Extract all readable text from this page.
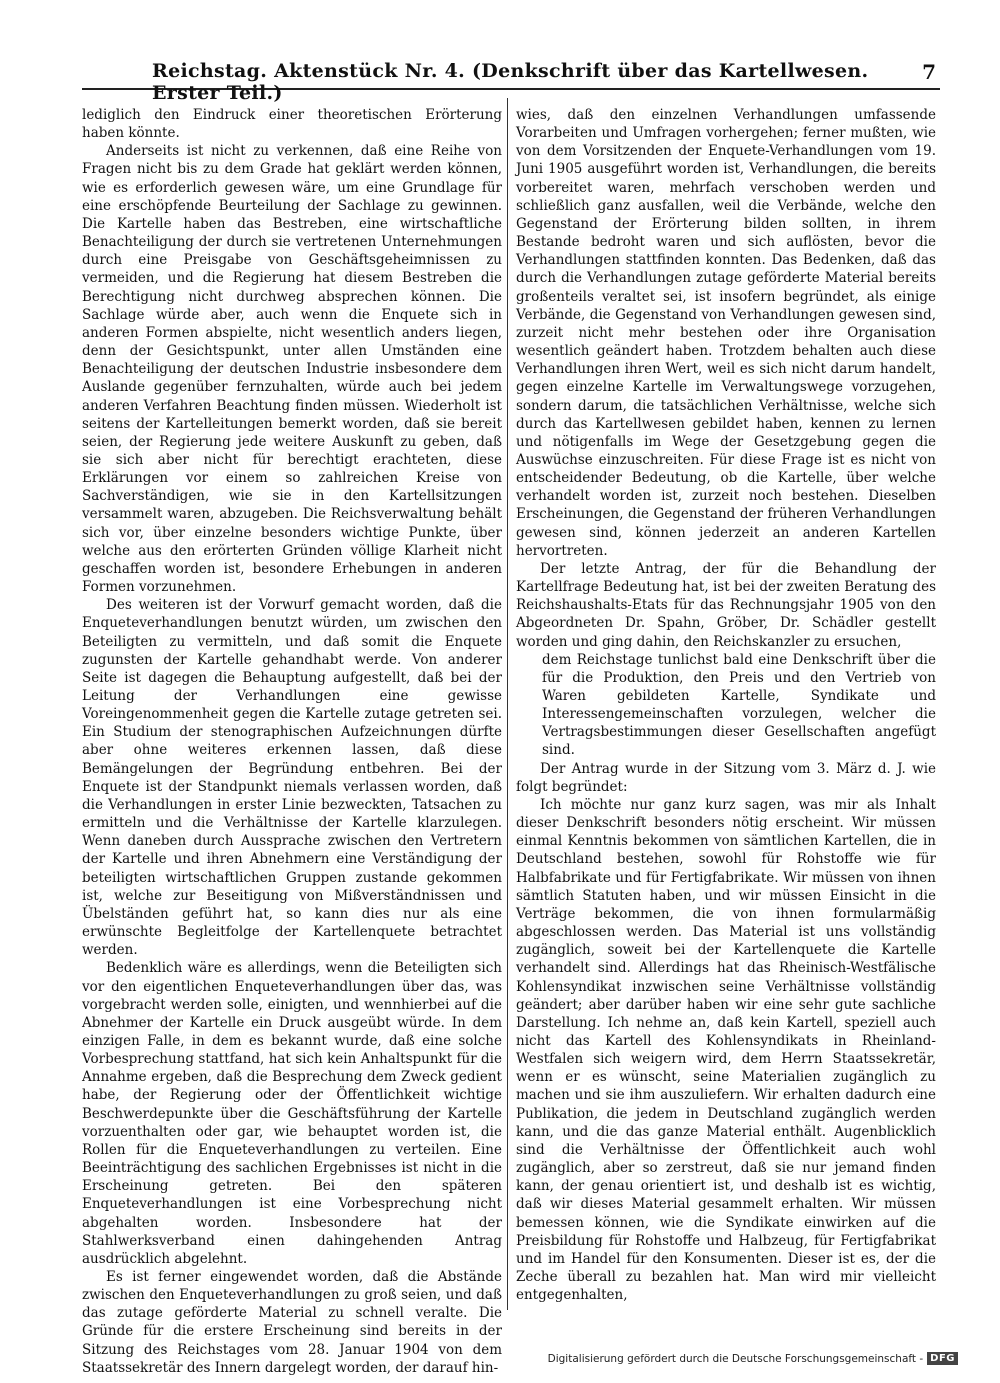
Reichstag. Aktenstück Nr. 4. (Denkschrift über das Kartellwesen. Erster Teil.)
7

lediglich den Eindruck einer theoretischen Erörterung haben könnte.

Anderseits ist nicht zu verkennen, daß eine Reihe von Fragen nicht bis zu dem Grade hat geklärt werden können, wie es erforderlich gewesen wäre, um eine Grundlage für eine erschöpfende Beurteilung der Sachlage zu gewinnen. Die Kartelle haben das Bestreben, eine wirtschaftliche Benachteiligung der durch sie vertretenen Unternehmungen durch eine Preisgabe von Geschäftsgeheimnissen zu vermeiden, und die Regierung hat diesem Bestreben die Berechtigung nicht durchweg absprechen können. Die Sachlage würde aber, auch wenn die Enquete sich in anderen Formen abspielte, nicht wesentlich anders liegen, denn der Gesichtspunkt, unter allen Umständen eine Benachteiligung der deutschen Industrie insbesondere dem Auslande gegenüber fernzuhalten, würde auch bei jedem anderen Verfahren Beachtung finden müssen. Wiederholt ist seitens der Kartelleitungen bemerkt worden, daß sie bereit seien, der Regierung jede weitere Auskunft zu geben, daß sie sich aber nicht für berechtigt erachteten, diese Erklärungen vor einem so zahlreichen Kreise von Sachverständigen, wie sie in den Kartellsitzungen versammelt waren, abzugeben. Die Reichsverwaltung behält sich vor, über einzelne besonders wichtige Punkte, über welche aus den erörterten Gründen völlige Klarheit nicht geschaffen worden ist, besondere Erhebungen in anderen Formen vorzunehmen.

Des weiteren ist der Vorwurf gemacht worden, daß die Enqueteverhandlungen benutzt würden, um zwischen den Beteiligten zu vermitteln, und daß somit die Enquete zugunsten der Kartelle gehandhabt werde. Von anderer Seite ist dagegen die Behauptung aufgestellt, daß bei der Leitung der Verhandlungen eine gewisse Voreingenommenheit gegen die Kartelle zutage getreten sei. Ein Studium der stenographischen Aufzeichnungen dürfte aber ohne weiteres erkennen lassen, daß diese Bemängelungen der Begründung entbehren. Bei der Enquete ist der Standpunkt niemals verlassen worden, daß die Verhandlungen in erster Linie bezweckten, Tatsachen zu ermitteln und die Verhältnisse der Kartelle klarzulegen. Wenn daneben durch Aussprache zwischen den Vertretern der Kartelle und ihren Abnehmern eine Verständigung der beteiligten wirtschaftlichen Gruppen zustande gekommen ist, welche zur Beseitigung von Mißverständnissen und Übelständen geführt hat, so kann dies nur als eine erwünschte Begleitfolge der Kartellenquete betrachtet werden.

Bedenklich wäre es allerdings, wenn die Beteiligten sich vor den eigentlichen Enqueteverhandlungen über das, was vorgebracht werden solle, einigten, und wennhierbei auf die Abnehmer der Kartelle ein Druck ausgeübt würde. In dem einzigen Falle, in dem es bekannt wurde, daß eine solche Vorbesprechung stattfand, hat sich kein Anhaltspunkt für die Annahme ergeben, daß die Besprechung dem Zweck gedient habe, der Regierung oder der Öffentlichkeit wichtige Beschwerdepunkte über die Geschäftsführung der Kartelle vorzuenthalten oder gar, wie behauptet worden ist, die Rollen für die Enqueteverhandlungen zu verteilen. Eine Beeinträchtigung des sachlichen Ergebnisses ist nicht in die Erscheinung getreten. Bei den späteren Enqueteverhandlungen ist eine Vorbesprechung nicht abgehalten worden. Insbesondere hat der Stahlwerksverband einen dahingehenden Antrag ausdrücklich abgelehnt.

Es ist ferner eingewendet worden, daß die Abstände zwischen den Enqueteverhandlungen zu groß seien, und daß das zutage geförderte Material zu schnell veralte. Die Gründe für die erstere Erscheinung sind bereits in der Sitzung des Reichstages vom 28. Januar 1904 von dem Staatssekretär des Innern dargelegt worden, der darauf hin-

wies, daß den einzelnen Verhandlungen umfassende Vorarbeiten und Umfragen vorhergehen; ferner mußten, wie von dem Vorsitzenden der Enquete-Verhandlungen vom 19. Juni 1905 ausgeführt worden ist, Verhandlungen, die bereits vorbereitet waren, mehrfach verschoben werden und schließlich ganz ausfallen, weil die Verbände, welche den Gegenstand der Erörterung bilden sollten, in ihrem Bestande bedroht waren und sich auflösten, bevor die Verhandlungen stattfinden konnten. Das Bedenken, daß das durch die Verhandlungen zutage geförderte Material bereits großenteils veraltet sei, ist insofern begründet, als einige Verbände, die Gegenstand von Verhandlungen gewesen sind, zurzeit nicht mehr bestehen oder ihre Organisation wesentlich geändert haben. Trotzdem behalten auch diese Verhandlungen ihren Wert, weil es sich nicht darum handelt, gegen einzelne Kartelle im Verwaltungswege vorzugehen, sondern darum, die tatsächlichen Verhältnisse, welche sich durch das Kartellwesen gebildet haben, kennen zu lernen und nötigenfalls im Wege der Gesetzgebung gegen die Auswüchse einzuschreiten. Für diese Frage ist es nicht von entscheidender Bedeutung, ob die Kartelle, über welche verhandelt worden ist, zurzeit noch bestehen. Dieselben Erscheinungen, die Gegenstand der früheren Verhandlungen gewesen sind, können jederzeit an anderen Kartellen hervortreten.

Der letzte Antrag, der für die Behandlung der Kartellfrage Bedeutung hat, ist bei der zweiten Beratung des Reichshaushalts-Etats für das Rechnungsjahr 1905 von den Abgeordneten Dr. Spahn, Gröber, Dr. Schädler gestellt worden und ging dahin, den Reichskanzler zu ersuchen,

dem Reichstage tunlichst bald eine Denkschrift über die für die Produktion, den Preis und den Vertrieb von Waren gebildeten Kartelle, Syndikate und Interessengemeinschaften vorzulegen, welcher die Vertragsbestimmungen dieser Gesellschaften angefügt sind.

Der Antrag wurde in der Sitzung vom 3. März d. J. wie folgt begründet:

Ich möchte nur ganz kurz sagen, was mir als Inhalt dieser Denkschrift besonders nötig erscheint. Wir müssen einmal Kenntnis bekommen von sämtlichen Kartellen, die in Deutschland bestehen, sowohl für Rohstoffe wie für Halbfabrikate und für Fertigfabrikate. Wir müssen von ihnen sämtlich Statuten haben, und wir müssen Einsicht in die Verträge bekommen, die von ihnen formularmäßig abgeschlossen werden. Das Material ist uns vollständig zugänglich, soweit bei der Kartellenquete die Kartelle verhandelt sind. Allerdings hat das Rheinisch-Westfälische Kohlensyndikat inzwischen seine Verhältnisse vollständig geändert; aber darüber haben wir eine sehr gute sachliche Darstellung. Ich nehme an, daß kein Kartell, speziell auch nicht das Kartell des Kohlensyndikats in Rheinland-Westfalen sich weigern wird, dem Herrn Staatssekretär, wenn er es wünscht, seine Materialien zugänglich zu machen und sie ihm auszuliefern. Wir erhalten dadurch eine Publikation, die jedem in Deutschland zugänglich werden kann, und die das ganze Material enthält. Augenblicklich sind die Verhältnisse der Öffentlichkeit auch wohl zugänglich, aber so zerstreut, daß sie nur jemand finden kann, der genau orientiert ist, und deshalb ist es wichtig, daß wir dieses Material gesammelt erhalten. Wir müssen bemessen können, wie die Syndikate einwirken auf die Preisbildung für Rohstoffe und Halbzeug, für Fertigfabrikat und im Handel für den Konsumenten. Dieser ist es, der die Zeche überall zu bezahlen hat. Man wird mir vielleicht entgegenhalten,

Digitalisierung gefördert durch die Deutsche Forschungsgemeinschaft - DFG
